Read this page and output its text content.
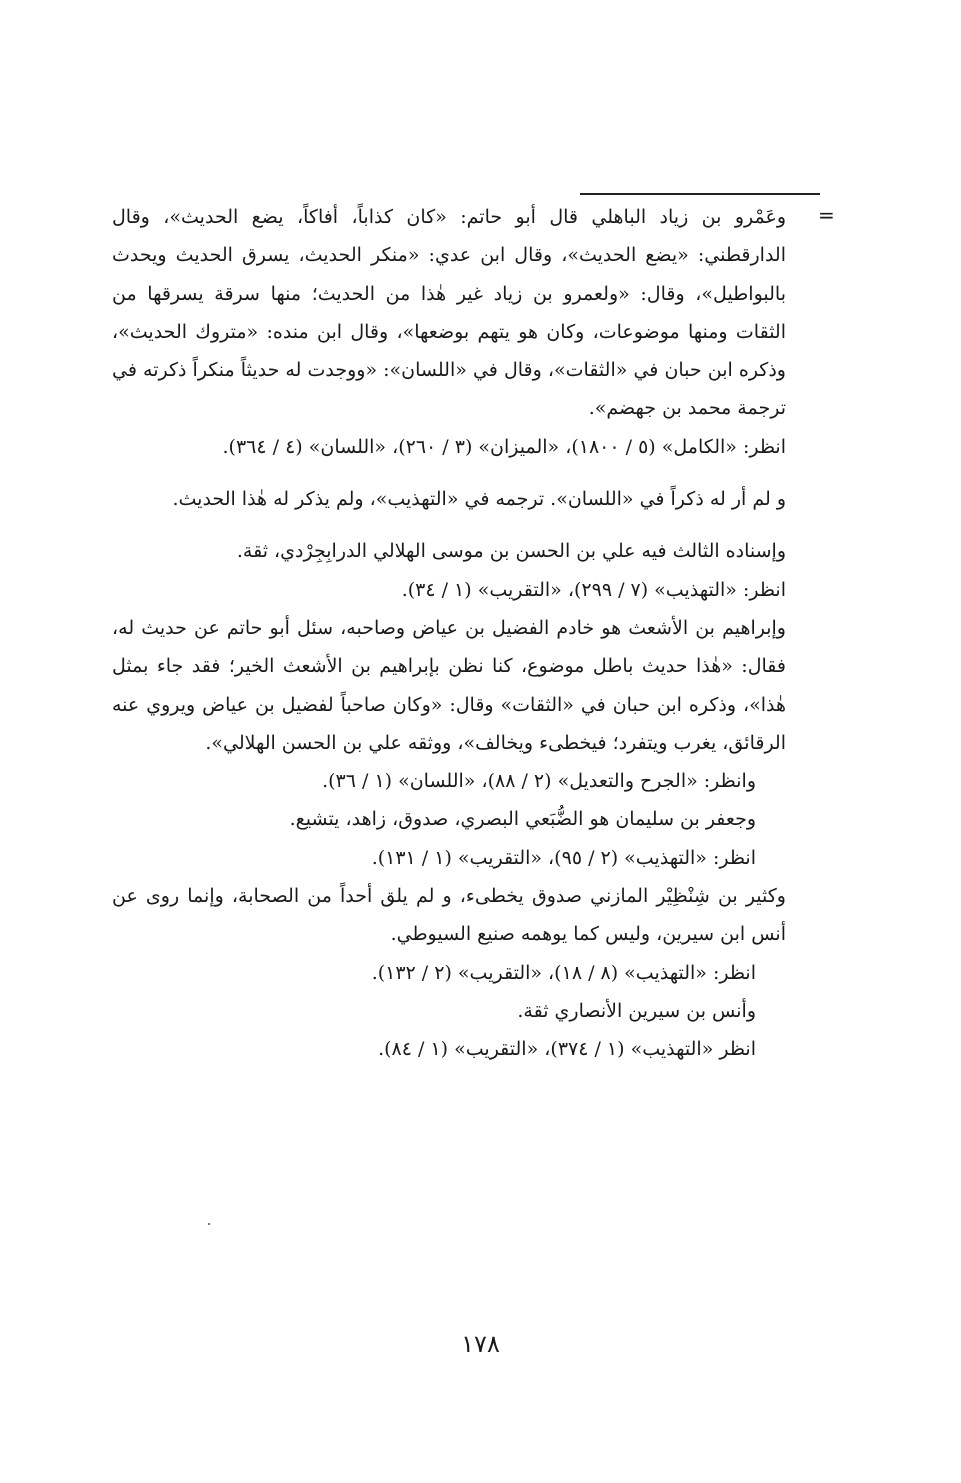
=

وعَمْرو بن زياد الباهلي قال أبو حاتم: «كان كذاباً، أفاكاً، يضع الحديث»، وقال الدارقطني: «يضع الحديث»، وقال ابن عدي: «منكر الحديث، يسرق الحديث ويحدث بالبواطيل»، وقال: «ولعمرو بن زياد غير هٰذا من الحديث؛ منها سرقة يسرقها من الثقات ومنها موضوعات، وكان هو يتهم بوضعها»، وقال ابن منده: «متروك الحديث»، وذكره ابن حبان في «الثقات»، وقال في «اللسان»: «ووجدت له حديثاً منكراً ذكرته في ترجمة محمد بن جهضم».

انظر: «الكامل» (٥ / ١٨٠٠)، «الميزان» (٣ / ٢٦٠)، «اللسان» (٤ / ٣٦٤).

و لم أر له ذكراً في «اللسان». ترجمه في «التهذيب»، ولم يذكر له هٰذا الحديث.

وإسناده الثالث فيه علي بن الحسن بن موسى الهلالي الدرابِجِرْدي، ثقة.

انظر: «التهذيب» (٧ / ٢٩٩)، «التقريب» (١ / ٣٤).

وإبراهيم بن الأشعث هو خادم الفضيل بن عياض وصاحبه، سئل أبو حاتم عن حديث له، فقال: «هٰذا حديث باطل موضوع، كنا نظن بإبراهيم بن الأشعث الخير؛ فقد جاء بمثل هٰذا»، وذكره ابن حبان في «الثقات» وقال: «وكان صاحباً لفضيل بن عياض ويروي عنه الرقائق، يغرب ويتفرد؛ فيخطىء ويخالف»، ووثقه علي بن الحسن الهلالي».

وانظر: «الجرح والتعديل» (٢ / ٨٨)، «اللسان» (١ / ٣٦).

وجعفر بن سليمان هو الضُّبَعي البصري، صدوق، زاهد، يتشيع.

انظر: «التهذيب» (٢ / ٩٥)، «التقريب» (١ / ١٣١).

وكثير بن شِنْظِيْر المازني صدوق يخطىء، و لم يلق أحداً من الصحابة، وإنما روى عن أنس ابن سيرين، وليس كما يوهمه صنيع السيوطي.

انظر: «التهذيب» (٨ / ١٨)، «التقريب» (٢ / ١٣٢).

وأنس بن سيرين الأنصاري ثقة.

انظر «التهذيب» (١ / ٣٧٤)، «التقريب» (١ / ٨٤).

١٧٨
